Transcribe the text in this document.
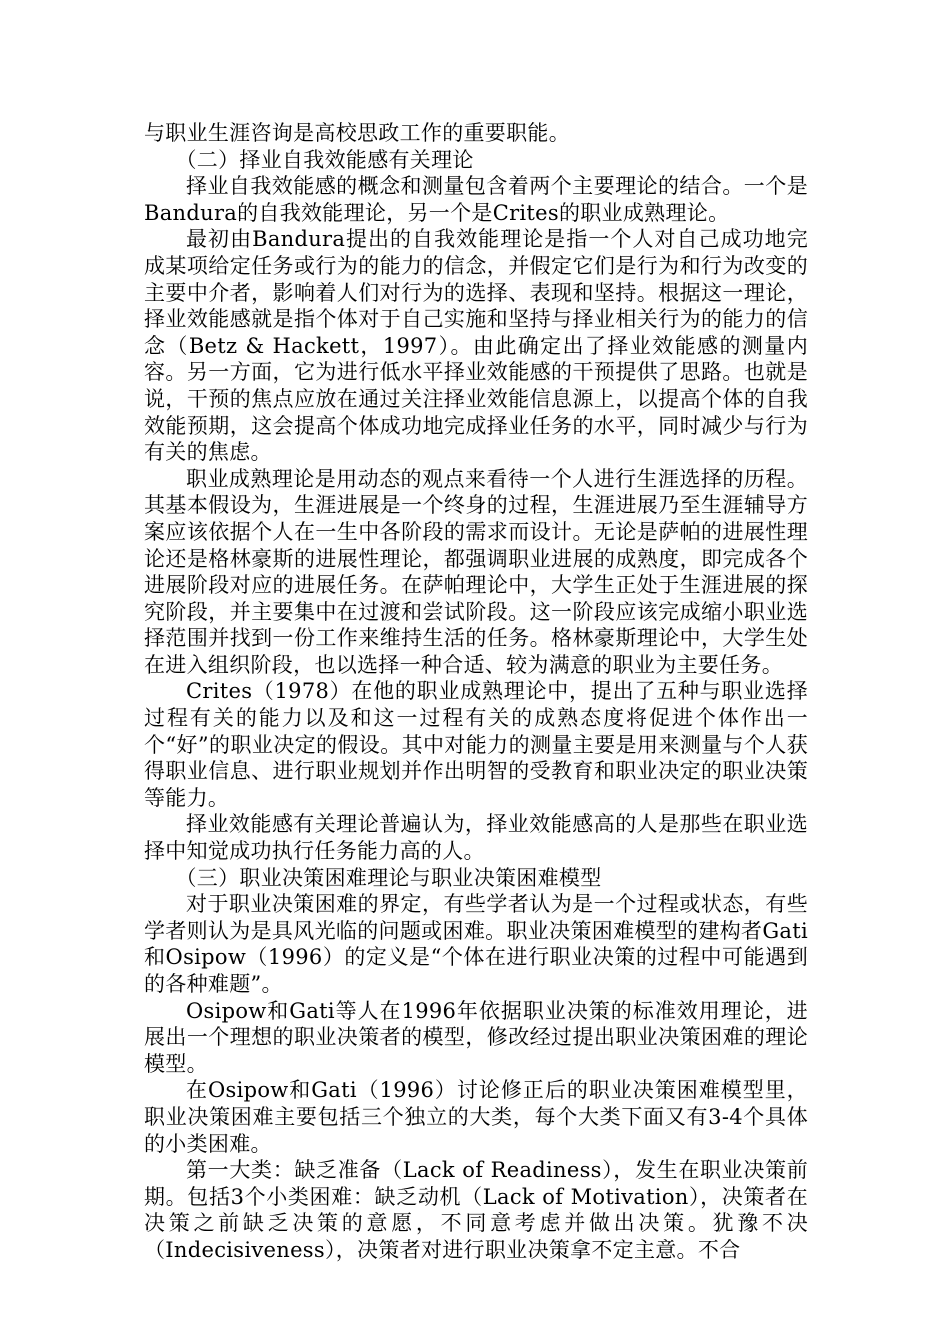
与职业生涯咨询是高校思政工作的重要职能。

（二）择业自我效能感有关理论

择业自我效能感的概念和测量包含着两个主要理论的结合。一个是Bandura的自我效能理论，另一个是Crites的职业成熟理论。

最初由Bandura提出的自我效能理论是指一个人对自己成功地完成某项给定任务或行为的能力的信念，并假定它们是行为和行为改变的主要中介者，影响着人们对行为的选择、表现和坚持。根据这一理论，择业效能感就是指个体对于自己实施和坚持与择业相关行为的能力的信念（Betz & Hackett，1997）。由此确定出了择业效能感的测量内容。另一方面，它为进行低水平择业效能感的干预提供了思路。也就是说，干预的焦点应放在通过关注择业效能信息源上，以提高个体的自我效能预期，这会提高个体成功地完成择业任务的水平，同时减少与行为有关的焦虑。

职业成熟理论是用动态的观点来看待一个人进行生涯选择的历程。其基本假设为，生涯进展是一个终身的过程，生涯进展乃至生涯辅导方案应该依据个人在一生中各阶段的需求而设计。无论是萨帕的进展性理论还是格林豪斯的进展性理论，都强调职业进展的成熟度，即完成各个进展阶段对应的进展任务。在萨帕理论中，大学生正处于生涯进展的探究阶段，并主要集中在过渡和尝试阶段。这一阶段应该完成缩小职业选择范围并找到一份工作来维持生活的任务。格林豪斯理论中，大学生处在进入组织阶段，也以选择一种合适、较为满意的职业为主要任务。

Crites（1978）在他的职业成熟理论中，提出了五种与职业选择过程有关的能力以及和这一过程有关的成熟态度将促进个体作出一个“好”的职业决定的假设。其中对能力的测量主要是用来测量与个人获得职业信息、进行职业规划并作出明智的受教育和职业决定的职业决策等能力。

择业效能感有关理论普遍认为，择业效能感高的人是那些在职业选择中知觉成功执行任务能力高的人。

（三）职业决策困难理论与职业决策困难模型

对于职业决策困难的界定，有些学者认为是一个过程或状态，有些学者则认为是具风光临的问题或困难。职业决策困难模型的建构者Gati和Osipow（1996）的定义是“个体在进行职业决策的过程中可能遇到的各种难题”。

Osipow和Gati等人在1996年依据职业决策的标准效用理论，进展出一个理想的职业决策者的模型，修改经过提出职业决策困难的理论模型。

在Osipow和Gati（1996）讨论修正后的职业决策困难模型里，职业决策困难主要包括三个独立的大类，每个大类下面又有3-4个具体的小类困难。

第一大类：缺乏准备（Lack of Readiness），发生在职业决策前期。包括3个小类困难：缺乏动机（Lack of Motivation），决策者在决策之前缺乏决策的意愿，不同意考虑并做出决策。犹豫不决（Indecisiveness），决策者对进行职业决策拿不定主意。不合
